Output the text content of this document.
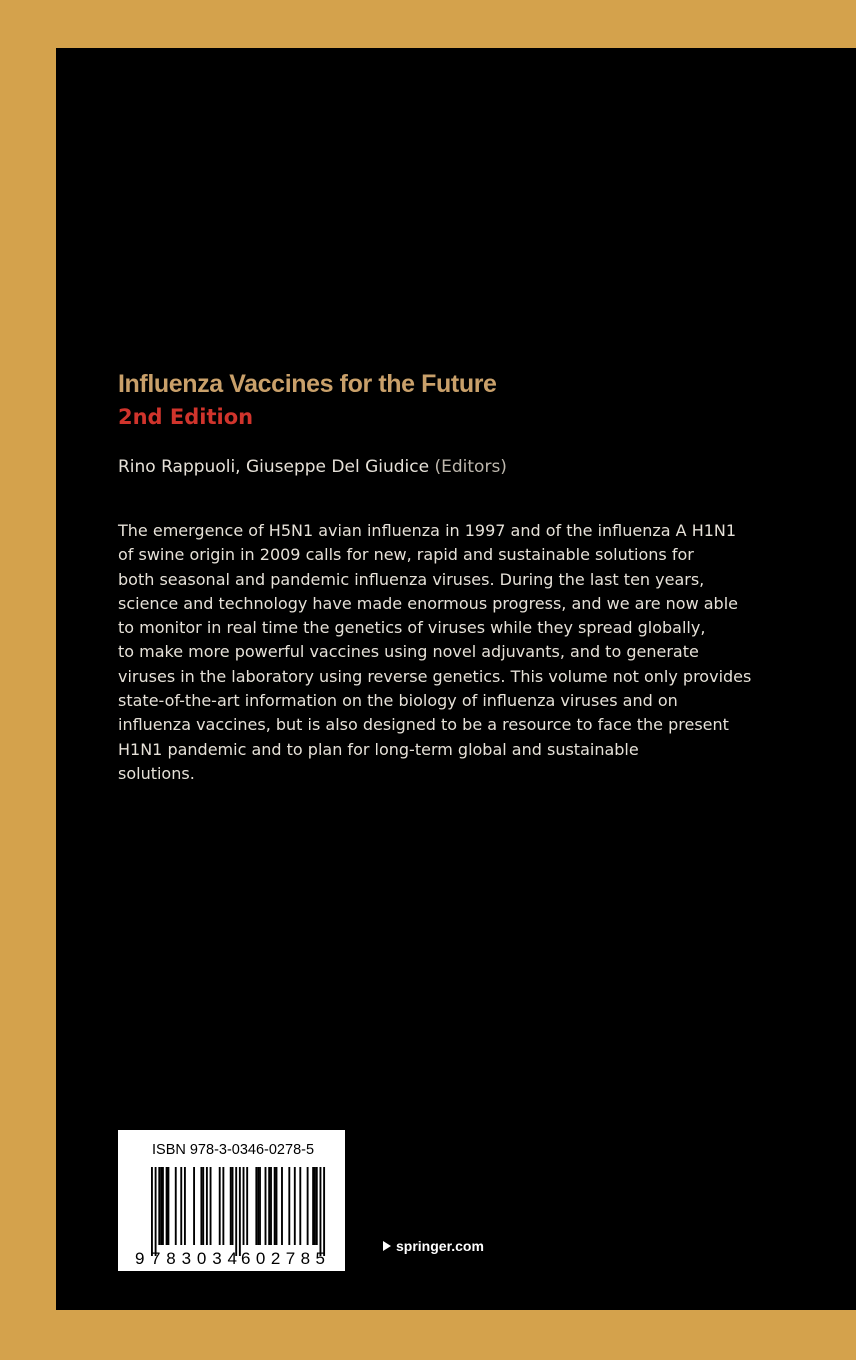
Influenza Vaccines for the Future
2nd Edition
Rino Rappuoli, Giuseppe Del Giudice (Editors)
The emergence of H5N1 avian influenza in 1997 and of the influenza A H1N1
of swine origin in 2009 calls for new, rapid and sustainable solutions for
both seasonal and pandemic influenza viruses. During the last ten years,
science and technology have made enormous progress, and we are now able
to monitor in real time the genetics of viruses while they spread globally,
to make more powerful vaccines using novel adjuvants, and to generate
viruses in the laboratory using reverse genetics. This volume not only provides
state-of-the-art information on the biology of influenza viruses and on
influenza vaccines, but is also designed to be a resource to face the present
H1N1 pandemic and to plan for long-term global and sustainable
solutions.
ISBN 978-3-0346-0278-5
9 783034 602785
springer.com
